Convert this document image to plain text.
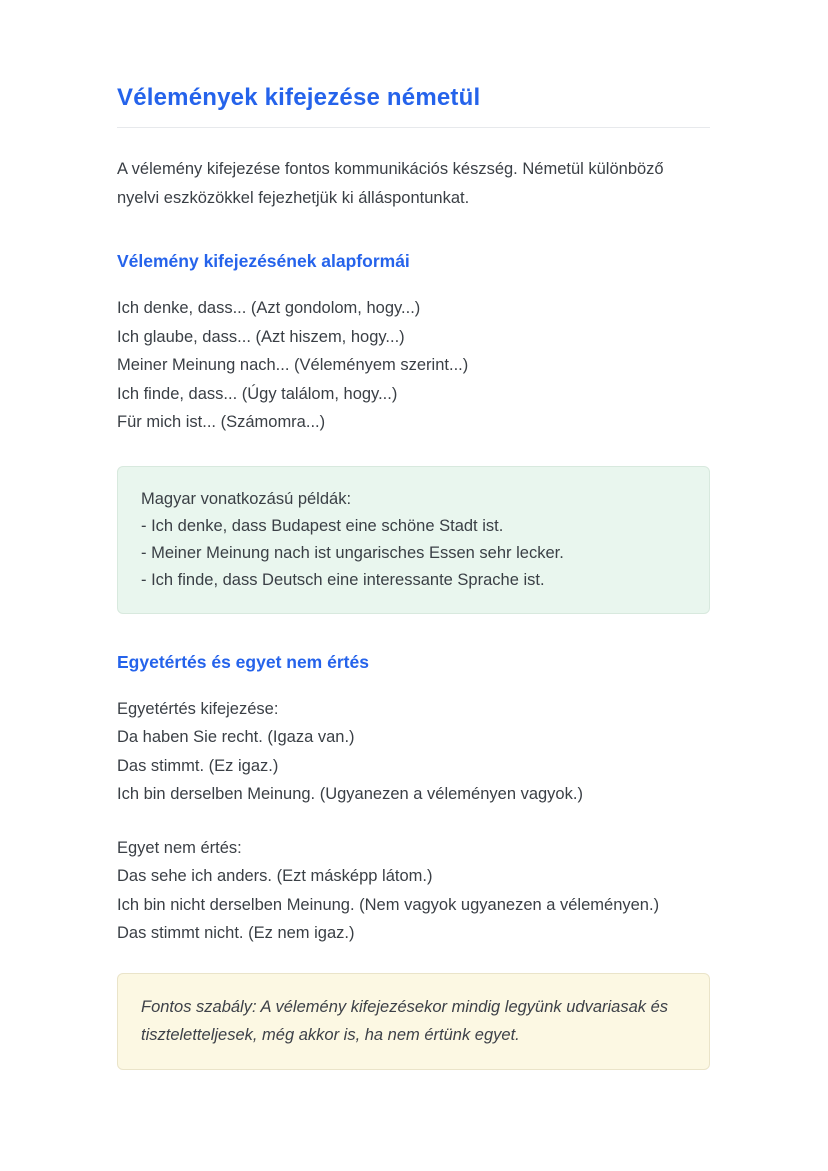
Vélemények kifejezése németül

A vélemény kifejezése fontos kommunikációs készség. Németül különböző nyelvi eszközökkel fejezhetjük ki álláspontunkat.

Vélemény kifejezésének alapformái
Ich denke, dass... (Azt gondolom, hogy...)
Ich glaube, dass... (Azt hiszem, hogy...)
Meiner Meinung nach... (Véleményem szerint...)
Ich finde, dass... (Úgy találom, hogy...)
Für mich ist... (Számomra...)
Magyar vonatkozású példák:
- Ich denke, dass Budapest eine schöne Stadt ist.
- Meiner Meinung nach ist ungarisches Essen sehr lecker.
- Ich finde, dass Deutsch eine interessante Sprache ist.
Egyetértés és egyet nem értés
Egyetértés kifejezése:
Da haben Sie recht. (Igaza van.)
Das stimmt. (Ez igaz.)
Ich bin derselben Meinung. (Ugyanezen a véleményen vagyok.)
Egyet nem értés:
Das sehe ich anders. (Ezt másképp látom.)
Ich bin nicht derselben Meinung. (Nem vagyok ugyanezen a véleményen.)
Das stimmt nicht. (Ez nem igaz.)
Fontos szabály: A vélemény kifejezésekor mindig legyünk udvariasak és tiszteletteljesek, még akkor is, ha nem értünk egyet.
